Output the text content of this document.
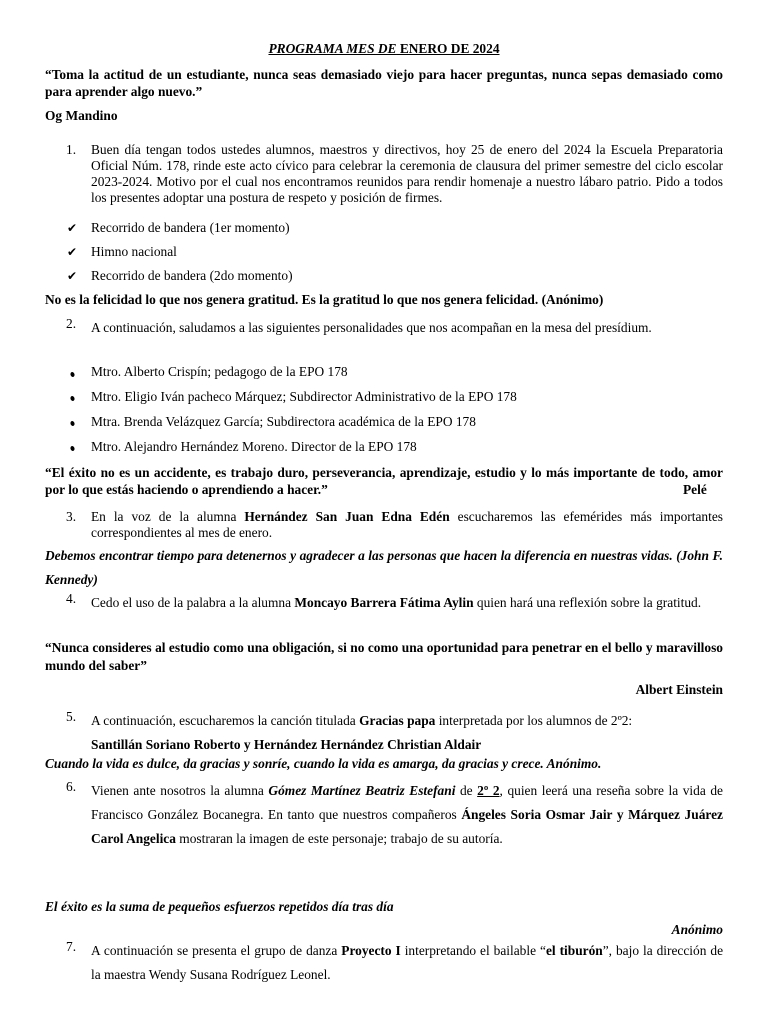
PROGRAMA MES DE ENERO DE 2024
“Toma la actitud de un estudiante, nunca seas demasiado viejo para hacer preguntas, nunca sepas demasiado como para aprender algo nuevo.”
Og Mandino
1.	Buen día tengan todos ustedes alumnos, maestros y directivos, hoy 25 de enero del 2024 la Escuela Preparatoria Oficial Núm. 178, rinde este acto cívico para celebrar la ceremonia de clausura del primer semestre del ciclo escolar 2023-2024. Motivo por el cual nos encontramos reunidos para rendir homenaje a nuestro lábaro patrio. Pido a todos los presentes adoptar una postura de respeto y posición de firmes.
✔ Recorrido de bandera (1er momento)
✔ Himno nacional
✔ Recorrido de bandera (2do momento)
No es la felicidad lo que nos genera gratitud. Es la gratitud lo que nos genera felicidad. (Anónimo)
2.	A continuación, saludamos a las siguientes personalidades que nos acompañan en la mesa del presídium.
Mtro. Alberto Crispín; pedagogo de la EPO 178
Mtro. Eligio Iván pacheco Márquez; Subdirector Administrativo de la EPO 178
Mtra. Brenda Velázquez García; Subdirectora académica de la EPO 178
Mtro. Alejandro Hernández Moreno. Director de la EPO 178
“El éxito no es un accidente, es trabajo duro, perseverancia, aprendizaje, estudio y lo más importante de todo, amor por lo que estás haciendo o aprendiendo a hacer.”	Pelé
3.	En la voz de la alumna Hernández San Juan Edna Edén escucharemos las efemérides más importantes correspondientes al mes de enero.
Debemos encontrar tiempo para detenernos y agradecer a las personas que hacen la diferencia en nuestras vidas. (John F. Kennedy)
4.	Cedo el uso de la palabra a la alumna Moncayo Barrera Fátima Aylin quien hará una reflexión sobre la gratitud.
“Nunca consideres al estudio como una obligación, si no como una oportunidad para penetrar en el bello y maravilloso mundo del saber”
Albert Einstein
5.	A continuación, escucharemos la canción titulada Gracias papa interpretada por los alumnos de 2º2:
Santillán Soriano Roberto y Hernández Hernández Christian Aldair
Cuando la vida es dulce, da gracias y sonríe, cuando la vida es amarga, da gracias y crece. Anónimo.
6.	Vienen ante nosotros la alumna Gómez Martínez Beatriz Estefani de 2º 2, quien leerá una reseña sobre la vida de Francisco González Bocanegra. En tanto que nuestros compañeros Ángeles Soria Osmar Jair y Márquez Juárez Carol Angelica mostraran la imagen de este personaje; trabajo de su autoría.
El éxito es la suma de pequeños esfuerzos repetidos día tras día
Anónimo
7.	A continuación se presenta el grupo de danza Proyecto I interpretando el bailable “el tiburón”, bajo la dirección de la maestra Wendy Susana Rodríguez Leonel.
